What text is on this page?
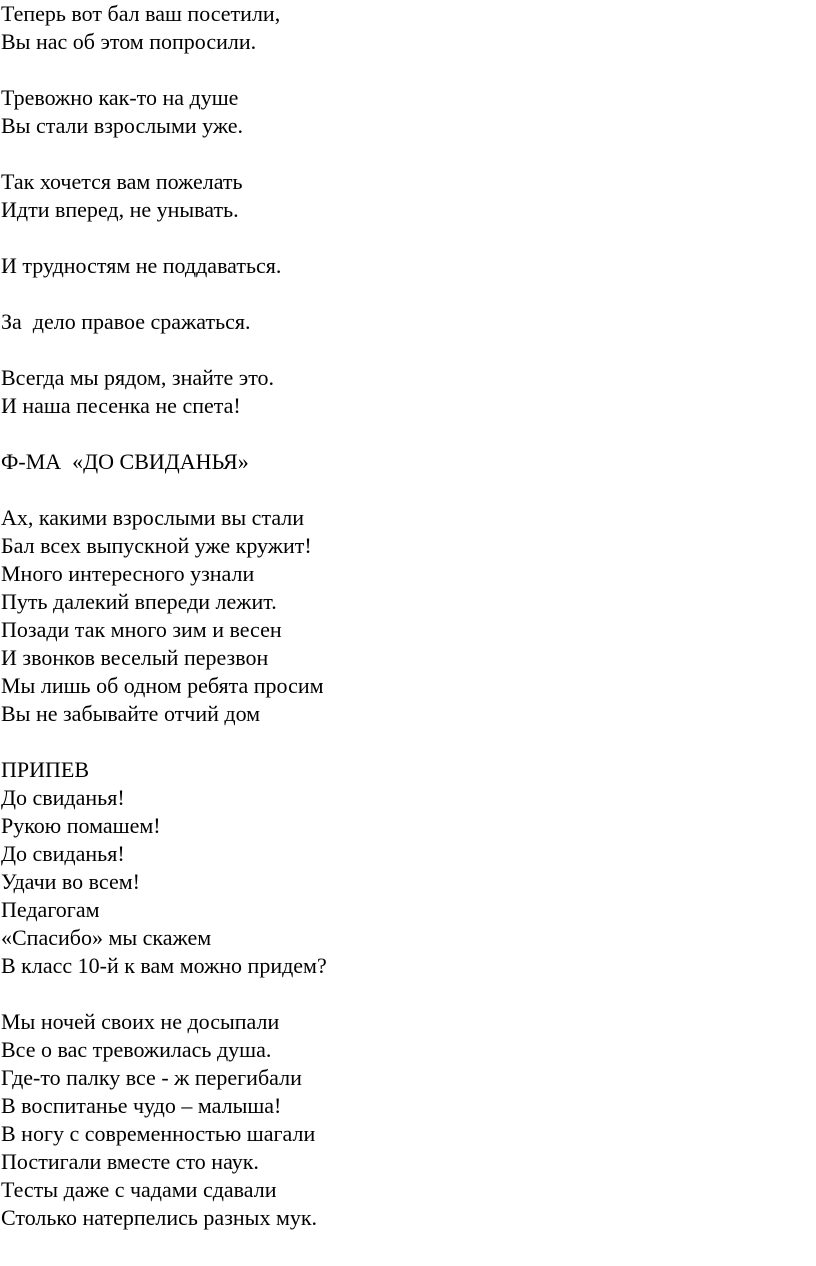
Теперь вот бал ваш посетили,
Вы нас об этом попросили.
Тревожно как-то на душе
Вы стали взрослыми уже.
Так хочется вам пожелать
Идти вперед, не унывать.
И трудностям не поддаваться.
За  дело правое сражаться.
Всегда мы рядом, знайте это.
И наша песенка не спета!
Ф-МА  «ДО СВИДАНЬЯ»
Ах, какими взрослыми вы стали
Бал всех выпускной уже кружит!
Много интересного узнали
Путь далекий впереди лежит.
Позади так много зим и весен
И звонков веселый перезвон
Мы лишь об одном ребята просим
Вы не забывайте отчий дом
ПРИПЕВ
До свиданья!
Рукою помашем!
До свиданья!
Удачи во всем!
Педагогам
«Спасибо» мы скажем
В класс 10-й к вам можно придем?
Мы ночей своих не досыпали
Все о вас тревожилась душа.
Где-то палку все - ж перегибали
В воспитанье чудо – малыша!
В ногу с современностью шагали
Постигали вместе сто наук.
Тесты даже с чадами сдавали
Столько натерпелись разных мук.
